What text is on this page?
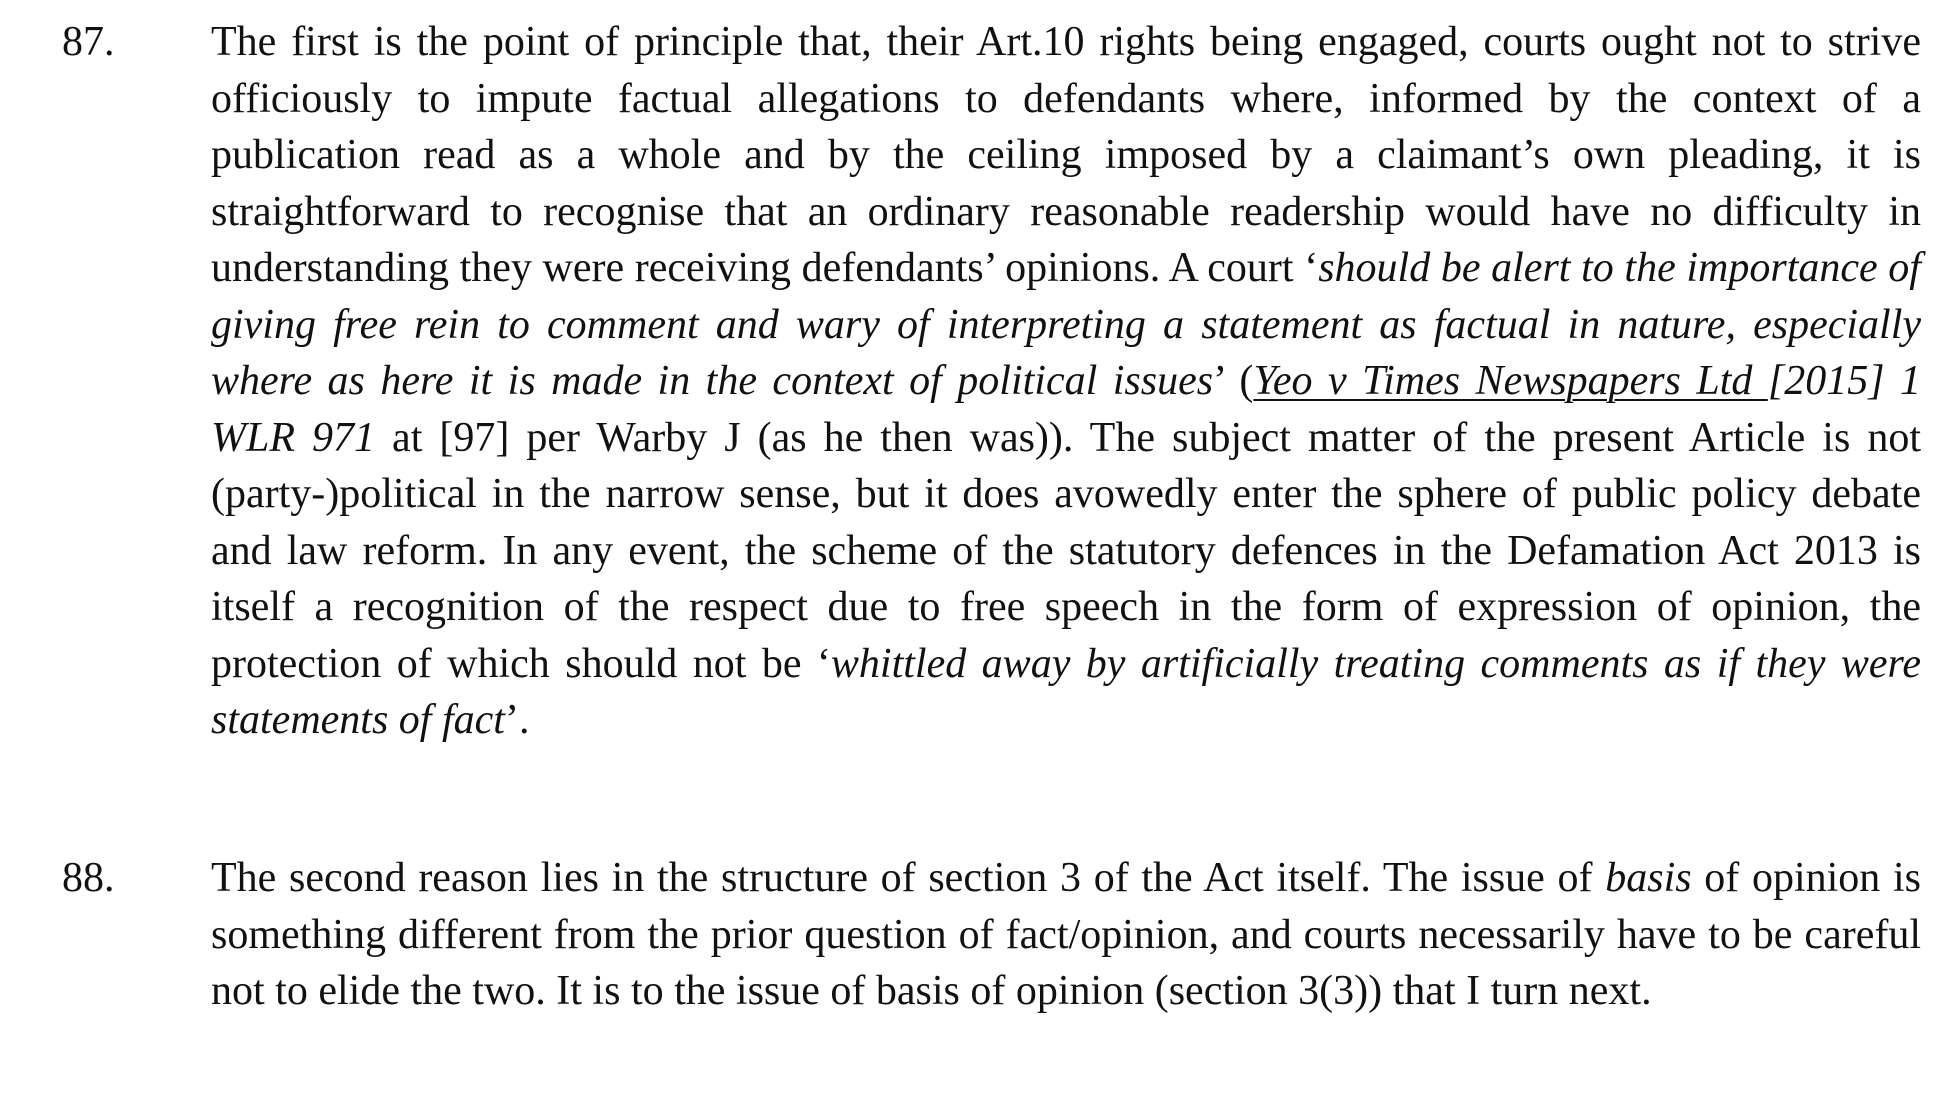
87. The first is the point of principle that, their Art.10 rights being engaged, courts ought not to strive officiously to impute factual allegations to defendants where, informed by the context of a publication read as a whole and by the ceiling imposed by a claimant’s own pleading, it is straightforward to recognise that an ordinary reasonable readership would have no difficulty in understanding they were receiving defendants’ opinions. A court ‘should be alert to the importance of giving free rein to comment and wary of interpreting a statement as factual in nature, especially where as here it is made in the context of political issues’ (Yeo v Times Newspapers Ltd [2015] 1 WLR 971 at [97] per Warby J (as he then was)). The subject matter of the present Article is not (party-)political in the narrow sense, but it does avowedly enter the sphere of public policy debate and law reform. In any event, the scheme of the statutory defences in the Defamation Act 2013 is itself a recognition of the respect due to free speech in the form of expression of opinion, the protection of which should not be ‘whittled away by artificially treating comments as if they were statements of fact’.
88. The second reason lies in the structure of section 3 of the Act itself. The issue of basis of opinion is something different from the prior question of fact/opinion, and courts necessarily have to be careful not to elide the two. It is to the issue of basis of opinion (section 3(3)) that I turn next.
